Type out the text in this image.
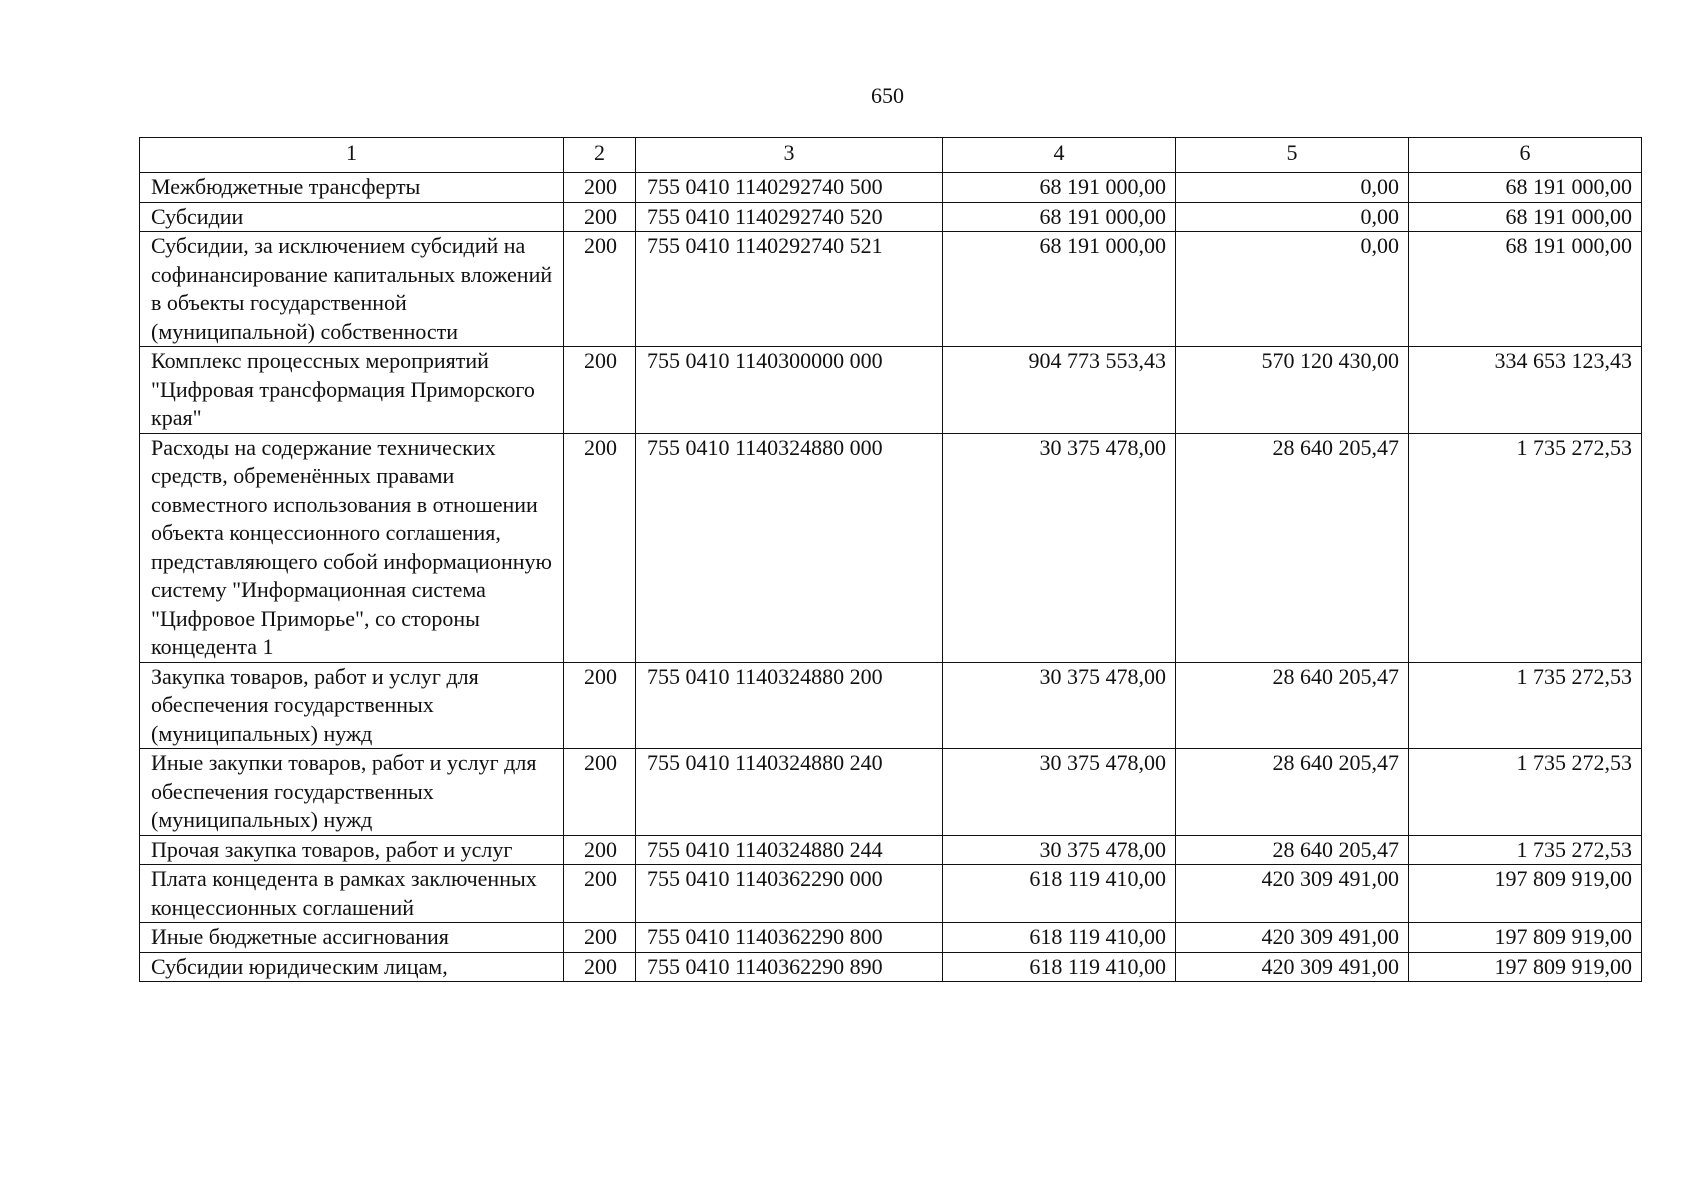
650
1	2	3	4	5	6
Межбюджетные трансферты	200	755 0410 1140292740 500	68 191 000,00	0,00	68 191 000,00
Субсидии	200	755 0410 1140292740 520	68 191 000,00	0,00	68 191 000,00
Субсидии, за исключением субсидий на софинансирование капитальных вложений в объекты государственной (муниципальной) собственности	200	755 0410 1140292740 521	68 191 000,00	0,00	68 191 000,00
Комплекс процессных мероприятий "Цифровая трансформация Приморского края"	200	755 0410 1140300000 000	904 773 553,43	570 120 430,00	334 653 123,43
Расходы на содержание технических средств, обременённых правами совместного использования в отношении объекта концессионного соглашения, представляющего собой информационную систему "Информационная система "Цифровое Приморье", со стороны концедента 1	200	755 0410 1140324880 000	30 375 478,00	28 640 205,47	1 735 272,53
Закупка товаров, работ и услуг для обеспечения государственных (муниципальных) нужд	200	755 0410 1140324880 200	30 375 478,00	28 640 205,47	1 735 272,53
Иные закупки товаров, работ и услуг для обеспечения государственных (муниципальных) нужд	200	755 0410 1140324880 240	30 375 478,00	28 640 205,47	1 735 272,53
Прочая закупка товаров, работ и услуг	200	755 0410 1140324880 244	30 375 478,00	28 640 205,47	1 735 272,53
Плата концедента в рамках заключенных концессионных соглашений	200	755 0410 1140362290 000	618 119 410,00	420 309 491,00	197 809 919,00
Иные бюджетные ассигнования	200	755 0410 1140362290 800	618 119 410,00	420 309 491,00	197 809 919,00
Субсидии юридическим лицам,	200	755 0410 1140362290 890	618 119 410,00	420 309 491,00	197 809 919,00
